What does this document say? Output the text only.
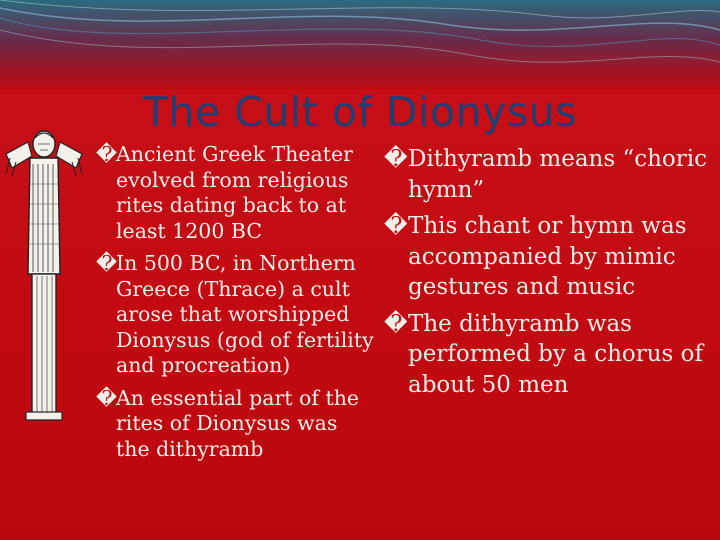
The Cult of Dionysus
�
Ancient Greek Theater evolved from religious rites dating back to at least 1200 BC
�
In 500 BC, in Northern Greece (Thrace) a cult arose that worshipped Dionysus (god of fertility and procreation)
�
An essential part of the rites of Dionysus was the dithyramb
� Dithyramb means “choric hymn”
� This chant or hymn was accompanied by mimic gestures and music
� The dithyramb was performed by a chorus of about 50 men
